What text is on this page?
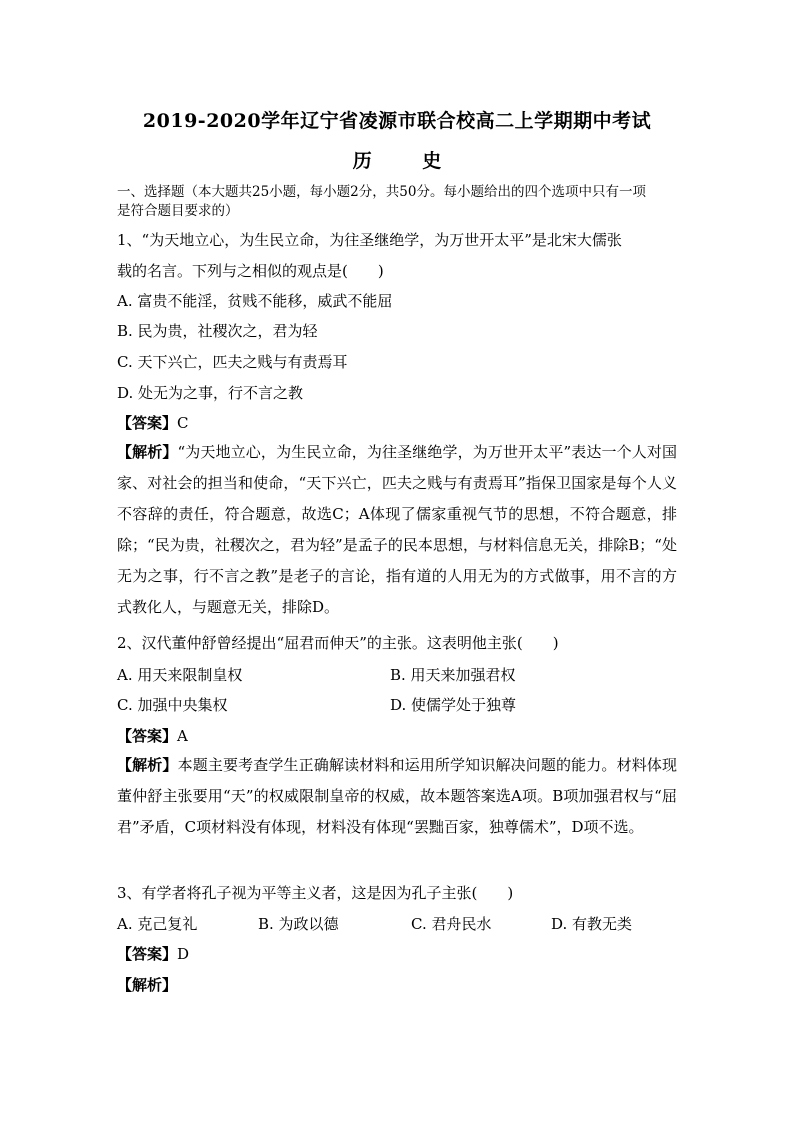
2019-2020学年辽宁省凌源市联合校高二上学期期中考试
历 史
一、选择题（本大题共25小题，每小题2分，共50分。每小题给出的四个选项中只有一项
是符合题目要求的）
1、“为天地立心，为生民立命，为往圣继绝学，为万世开太平”是北宋大儒张
载的名言。下列与之相似的观点是(　　)
A. 富贵不能淫，贫贱不能移，威武不能屈
B. 民为贵，社稷次之，君为轻
C. 天下兴亡，匹夫之贱与有责焉耳
D. 处无为之事，行不言之教
【答案】C
【解析】“为天地立心，为生民立命，为往圣继绝学，为万世开太平”表达一个人对国家、对社会的担当和使命，“天下兴亡，匹夫之贱与有责焉耳”指保卫国家是每个人义不容辞的责任，符合题意，故选C；A体现了儒家重视气节的思想，不符合题意，排除；“民为贵，社稷次之，君为轻”是孟子的民本思想，与材料信息无关，排除B；“处无为之事，行不言之教”是老子的言论，指有道的人用无为的方式做事，用不言的方式教化人，与题意无关，排除D。
2、汉代董仲舒曾经提出“屈君而伸天”的主张。这表明他主张(　　)
A. 用天来限制皇权	B. 用天来加强君权
C. 加强中央集权	D. 使儒学处于独尊
【答案】A
【解析】本题主要考查学生正确解读材料和运用所学知识解决问题的能力。材料体现董仲舒主张要用“天”的权威限制皇帝的权威，故本题答案选A项。B项加强君权与“屈君”矛盾，C项材料没有体现，材料没有体现“罢黜百家，独尊儒术”，D项不选。
3、有学者将孔子视为平等主义者，这是因为孔子主张(　　)
A. 克己复礼	B. 为政以德	C. 君舟民水	D. 有教无类
【答案】D
【解析】
